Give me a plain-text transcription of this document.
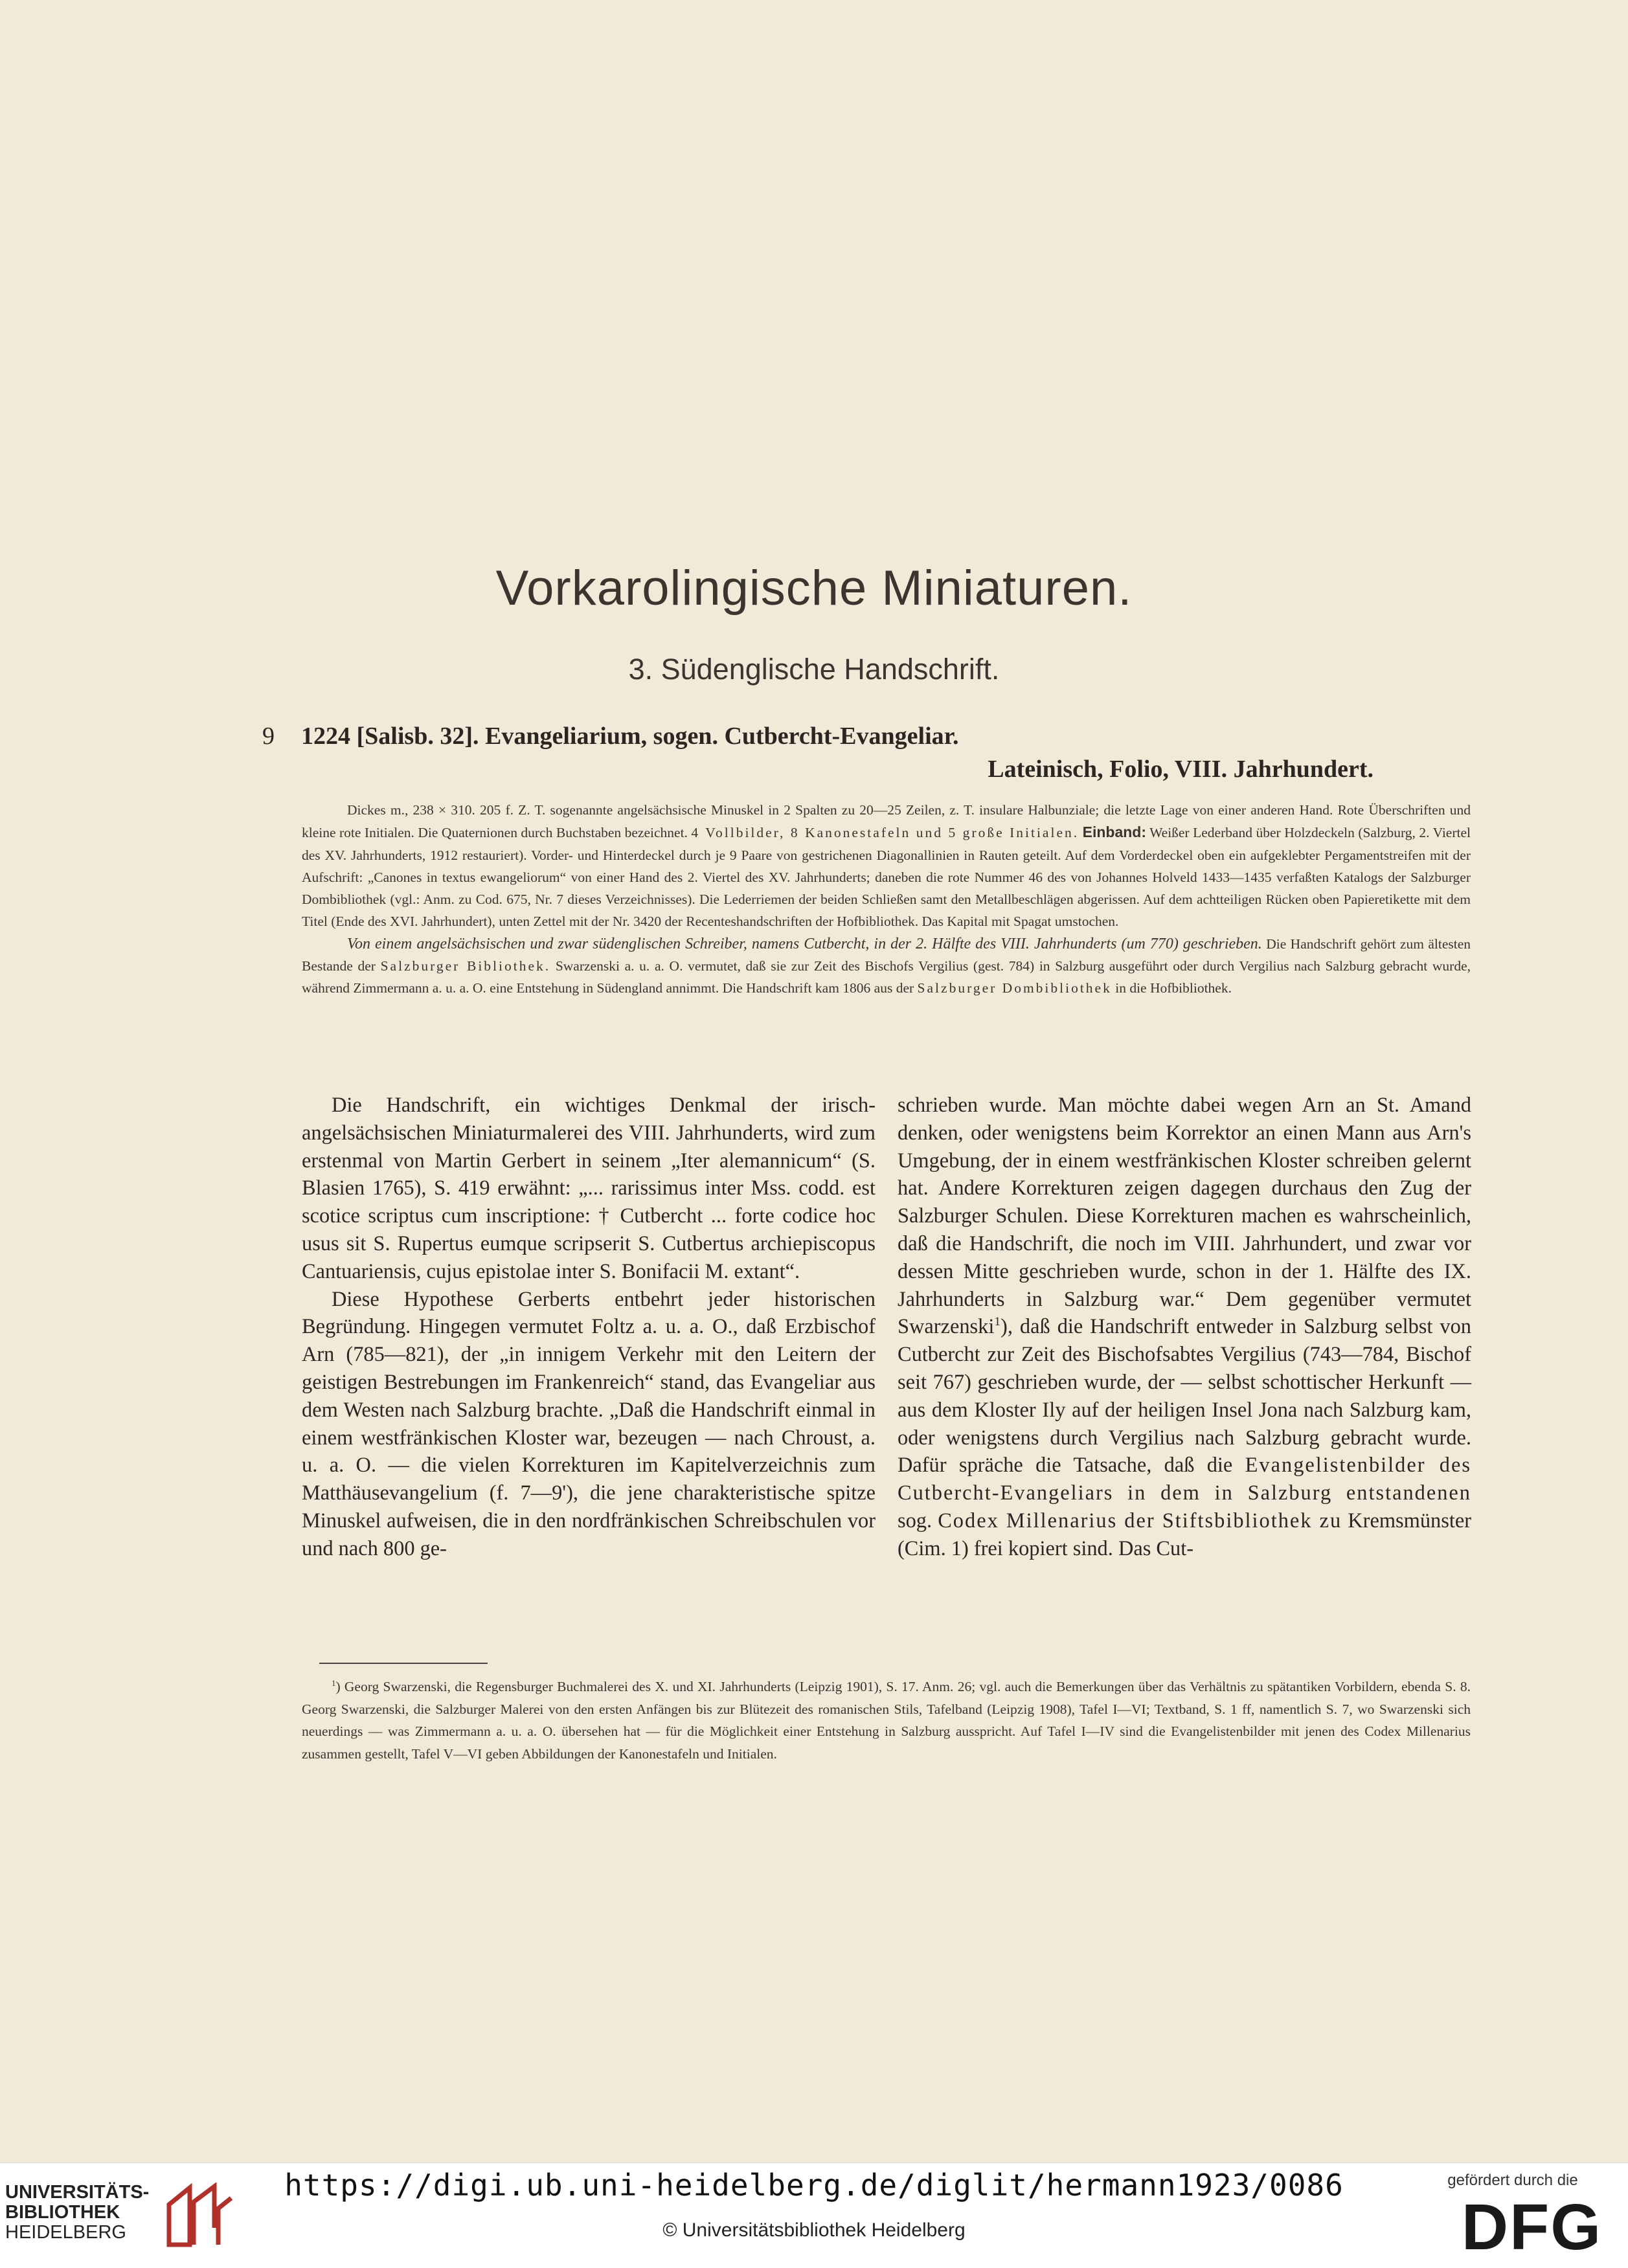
Vorkarolingische Miniaturen.
3. Südenglische Handschrift.
9 1224 [Salisb. 32]. Evangeliarium, sogen. Cutbercht-Evangeliar.
Lateinisch, Folio, VIII. Jahrhundert.

Dickes m., 238 × 310. 205 f. Z. T. sogenannte angelsächsische Minuskel in 2 Spalten zu 20—25 Zeilen, z. T. insulare Halbunziale; die letzte Lage von einer anderen Hand. Rote Überschriften und kleine rote Initialen. Die Quaternionen durch Buchstaben bezeichnet. 4 Vollbilder, 8 Kanonestafeln und 5 große Initialen. Einband: Weißer Lederband über Holzdeckeln (Salzburg, 2. Viertel des XV. Jahrhunderts, 1912 restauriert). Vorder- und Hinterdeckel durch je 9 Paare von gestrichenen Diagonallinien in Rauten geteilt. Auf dem Vorderdeckel oben ein aufgeklebter Pergamentstreifen mit der Aufschrift: „Canones in textus ewangeliorum“ von einer Hand des 2. Viertel des XV. Jahrhunderts; daneben die rote Nummer 46 des von Johannes Holveld 1433—1435 verfaßten Katalogs der Salzburger Dombibliothek (vgl.: Anm. zu Cod. 675, Nr. 7 dieses Verzeichnisses). Die Lederriemen der beiden Schließen samt den Metallbeschlägen abgerissen. Auf dem achtteiligen Rücken oben Papieretikette mit dem Titel (Ende des XVI. Jahrhundert), unten Zettel mit der Nr. 3420 der Recenteshandschriften der Hofbibliothek. Das Kapital mit Spagat umstochen.

Von einem angelsächsischen und zwar südenglischen Schreiber, namens Cutbercht, in der 2. Hälfte des VIII. Jahrhunderts (um 770) geschrieben. Die Handschrift gehört zum ältesten Bestande der Salzburger Bibliothek. Swarzenski a. u. a. O. vermutet, daß sie zur Zeit des Bischofs Vergilius (gest. 784) in Salzburg ausgeführt oder durch Vergilius nach Salzburg gebracht wurde, während Zimmermann a. u. a. O. eine Entstehung in Südengland annimmt. Die Handschrift kam 1806 aus der Salzburger Dombibliothek in die Hofbibliothek.

Die Handschrift, ein wichtiges Denkmal der irisch-angelsächsischen Miniaturmalerei des VIII. Jahrhunderts, wird zum erstenmal von Martin Gerbert in seinem „Iter alemannicum“ (S. Blasien 1765), S. 419 erwähnt: „... rarissimus inter Mss. codd. est scotice scriptus cum inscriptione: † Cutbercht ... forte codice hoc usus sit S. Rupertus eumque scripserit S. Cutbertus archiepiscopus Cantuariensis, cujus epistolae inter S. Bonifacii M. extant“.

Diese Hypothese Gerberts entbehrt jeder historischen Begründung. Hingegen vermutet Foltz a. u. a. O., daß Erzbischof Arn (785—821), der „in innigem Verkehr mit den Leitern der geistigen Bestrebungen im Frankenreich“ stand, das Evangeliar aus dem Westen nach Salzburg brachte. „Daß die Handschrift einmal in einem westfränkischen Kloster war, bezeugen — nach Chroust, a. u. a. O. — die vielen Korrekturen im Kapitelverzeichnis zum Matthäusevangelium (f. 7—9'), die jene charakteristische spitze Minuskel aufweisen, die in den nordfränkischen Schreibschulen vor und nach 800 ge-

schrieben wurde. Man möchte dabei wegen Arn an St. Amand denken, oder wenigstens beim Korrektor an einen Mann aus Arn's Umgebung, der in einem westfränkischen Kloster schreiben gelernt hat. Andere Korrekturen zeigen dagegen durchaus den Zug der Salzburger Schulen. Diese Korrekturen machen es wahrscheinlich, daß die Handschrift, die noch im VIII. Jahrhundert, und zwar vor dessen Mitte geschrieben wurde, schon in der 1. Hälfte des IX. Jahrhunderts in Salzburg war.“ Dem gegenüber vermutet Swarzenski$^1$), daß die Handschrift entweder in Salzburg selbst von Cutbercht zur Zeit des Bischofsabtes Vergilius (743—784, Bischof seit 767) geschrieben wurde, der — selbst schottischer Herkunft — aus dem Kloster Ily auf der heiligen Insel Jona nach Salzburg kam, oder wenigstens durch Vergilius nach Salzburg gebracht wurde. Dafür spräche die Tatsache, daß die Evangelistenbilder des Cutbercht-Evangeliars in dem in Salzburg entstandenen sog. Codex Millenarius der Stiftsbibliothek zu Kremsmünster (Cim. 1) frei kopiert sind. Das Cut-

$^1$) Georg Swarzenski, die Regensburger Buchmalerei des X. und XI. Jahrhunderts (Leipzig 1901), S. 17. Anm. 26; vgl. auch die Bemerkungen über das Verhältnis zu spätantiken Vorbildern, ebenda S. 8. Georg Swarzenski, die Salzburger Malerei von den ersten Anfängen bis zur Blütezeit des romanischen Stils, Tafelband (Leipzig 1908), Tafel I—VI; Textband, S. 1 ff, namentlich S. 7, wo Swarzenski sich neuerdings — was Zimmermann a. u. a. O. übersehen hat — für die Möglichkeit einer Entstehung in Salzburg ausspricht. Auf Tafel I—IV sind die Evangelistenbilder mit jenen des Codex Millenarius zusammen gestellt, Tafel V—VI geben Abbildungen der Kanonestafeln und Initialen.

UNIVERSITÄTS-
BIBLIOTHEK
HEIDELBERG
https://digi.ub.uni-heidelberg.de/diglit/hermann1923/0086
© Universitätsbibliothek Heidelberg
gefördert durch die
DFG
